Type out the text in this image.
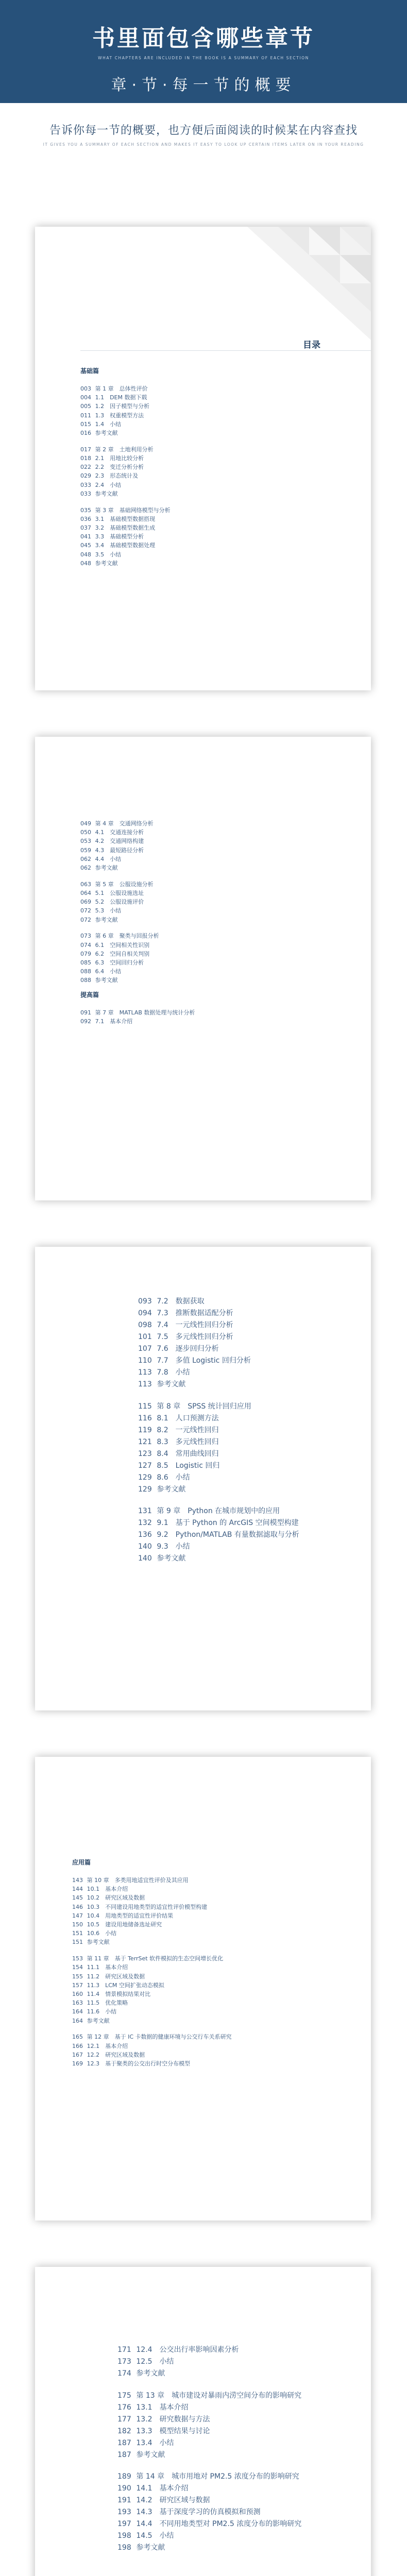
书里面包含哪些章节
WHAT CHAPTERS ARE INCLUDED IN THE BOOK IS A SUMMARY OF EACH SECTION
章·节·每一节的概要
告诉你每一节的概要，也方便后面阅读的时候某在内容查找
IT GIVES YOU A SUMMARY OF EACH SECTION AND MAKES IT EASY TO LOOK UP CERTAIN ITEMS LATER ON IN YOUR READING
目录
基础篇
003 第 1 章　总体性评价
004 1.1　DEM 数据下载
005 1.2　因子模型与分析
011 1.3　权重模型方法
015 1.4　小结
016 参考文献
017 第 2 章　土地利用分析
018 2.1　用地比较分析
022 2.2　变迁分析分析
029 2.3　形态统计及
033 2.4　小结
033 参考文献
035 第 3 章　基础网络模型与分析
036 3.1　基础模型数据搭现
037 3.2　基础模型数据生成
041 3.3　基础模型分析
045 3.4　基础模型数据处理
048 3.5　小结
048 参考文献
049 第 4 章　交通网络分析
050 4.1　交通连接分析
053 4.2　交通网络构建
059 4.3　最短路径分析
062 4.4　小结
062 参考文献
063 第 5 章　公服设施分析
064 5.1　公服设施选址
069 5.2　公服设施评价
072 5.3　小结
072 参考文献
073 第 6 章　聚类与回报分析
074 6.1　空间相关性识别
079 6.2　空间自相关判别
085 6.3　空间回归分析
088 6.4　小结
088 参考文献
提高篇
091 第 7 章　MATLAB 数据处理与统计分析
092 7.1　基本介绍
093 7.2　数据获取
094 7.3　推断数据适配分析
098 7.4　一元线性回归分析
101 7.5　多元线性回归分析
107 7.6　逐步回归分析
110 7.7　多值 Logistic 回归分析
113 7.8　小结
113 参考文献
115 第 8 章　SPSS 统计回归应用
116 8.1　人口预测方法
119 8.2　一元线性回归
121 8.3　多元线性回归
123 8.4　常用曲线回归
127 8.5　Logistic 回归
129 8.6　小结
129 参考文献
131 第 9 章　Python 在城市规划中的应用
132 9.1　基于 Python 的 ArcGIS 空间模型构建
136 9.2　Python/MATLAB 有量数据滤取与分析
140 9.3　小结
140 参考文献
应用篇
143 第 10 章　多类用地适宜性评价及其应用
144 10.1　基本介绍
145 10.2　研究区域及数据
146 10.3　不同建设用地类型的适宜性评价模型构建
147 10.4　用地类型的适宜性评价结果
150 10.5　建设用地储备选址研究
151 10.6　小结
151 参考文献
153 第 11 章　基于 TerrSet 软件模拟的生态空间增长优化
154 11.1　基本介绍
155 11.2　研究区域及数据
157 11.3　LCM 空间扩张动态模拟
160 11.4　情景模拟结果对比
163 11.5　优化策略
164 11.6　小结
164 参考文献
165 第 12 章　基于 IC 卡数据的健康环境与公交行车关系研究
166 12.1　基本介绍
167 12.2　研究区域及数据
169 12.3　基于聚类的公交出行时空分布模型
171 12.4　公交出行率影响因素分析
173 12.5　小结
174 参考文献
175 第 13 章　城市建设对暴雨内涝空间分布的影响研究
176 13.1　基本介绍
177 13.2　研究数据与方法
182 13.3　模型结果与讨论
187 13.4　小结
187 参考文献
189 第 14 章　城市用地对 PM2.5 浓度分布的影响研究
190 14.1　基本介绍
191 14.2　研究区域与数据
193 14.3　基于深度学习的仿真模拟和预测
197 14.4　不同用地类型对 PM2.5 浓度分布的影响研究
198 14.5　小结
198 参考文献
